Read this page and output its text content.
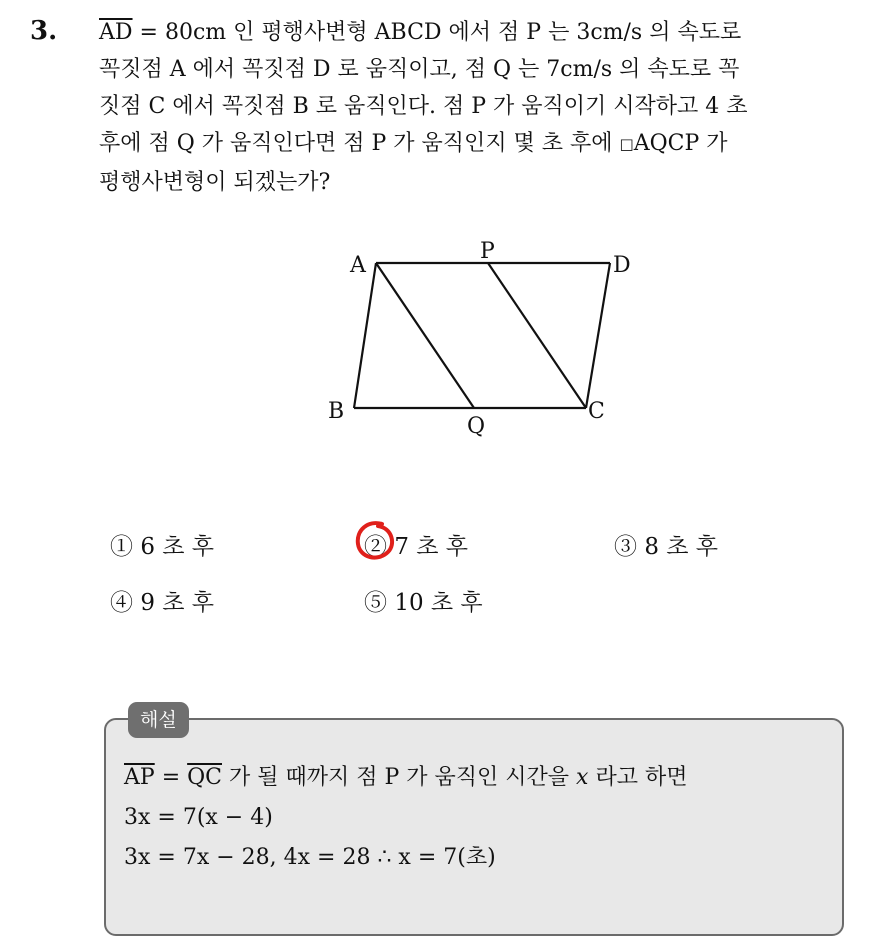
3. $\overline{AD} = 80cm$ 인 평행사변형 ABCD 에서 점 P 는 3cm/s 의 속도로
꼭짓점 A 에서 꼭짓점 D 로 움직이고, 점 Q 는 7cm/s 의 속도로 꼭
짓점 C 에서 꼭짓점 B 로 움직인다. 점 P 가 움직이기 시작하고 4 초
후에 점 Q 가 움직인다면 점 P 가 움직인지 몇 초 후에 □AQCP 가
평행사변형이 되겠는가?
A
P
D
B
Q
C
① 6 초 후	② 7 초 후	③ 8 초 후
④ 9 초 후	⑤ 10 초 후
해설
$\overline{AP} = \overline{QC}$ 가 될 때까지 점 P 가 움직인 시간을 x 라고 하면
3x = 7(x − 4)
3x = 7x − 28, 4x = 28 ∴ x = 7(초)
